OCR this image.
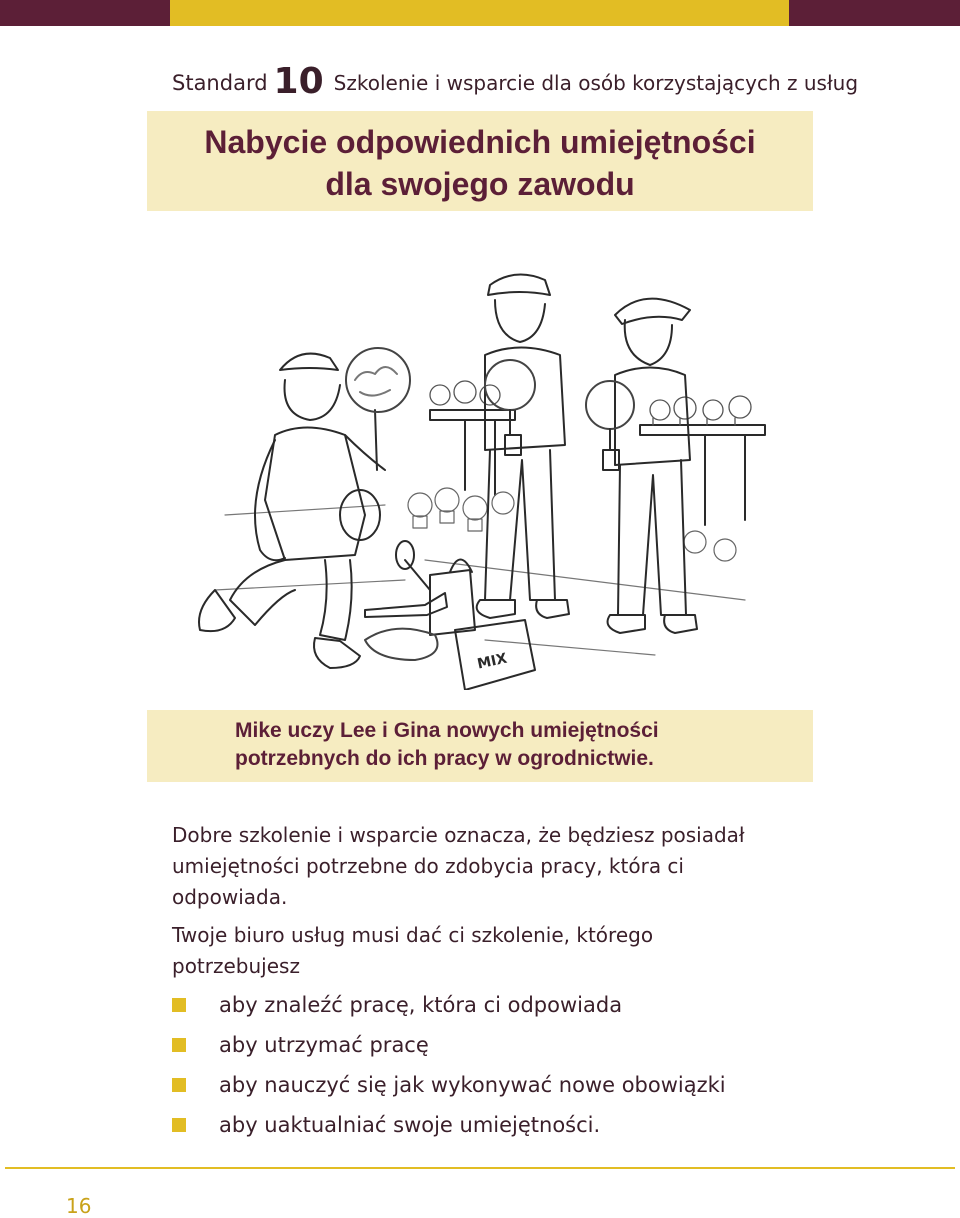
Standard 10 Szkolenie i wsparcie dla osób korzystających z usług
Nabycie odpowiednich umiejętności
dla swojego zawodu
MIX
Mike uczy Lee i Gina nowych umiejętności
potrzebnych do ich pracy w ogrodnictwie.
Dobre szkolenie i wsparcie oznacza, że będziesz posiadał
umiejętności potrzebne do zdobycia pracy, która ci
odpowiada.
Twoje biuro usług musi dać ci szkolenie, którego
potrzebujesz
aby znaleźć pracę, która ci odpowiada
aby utrzymać pracę
aby nauczyć się jak wykonywać nowe obowiązki
aby uaktualniać swoje umiejętności.
16
